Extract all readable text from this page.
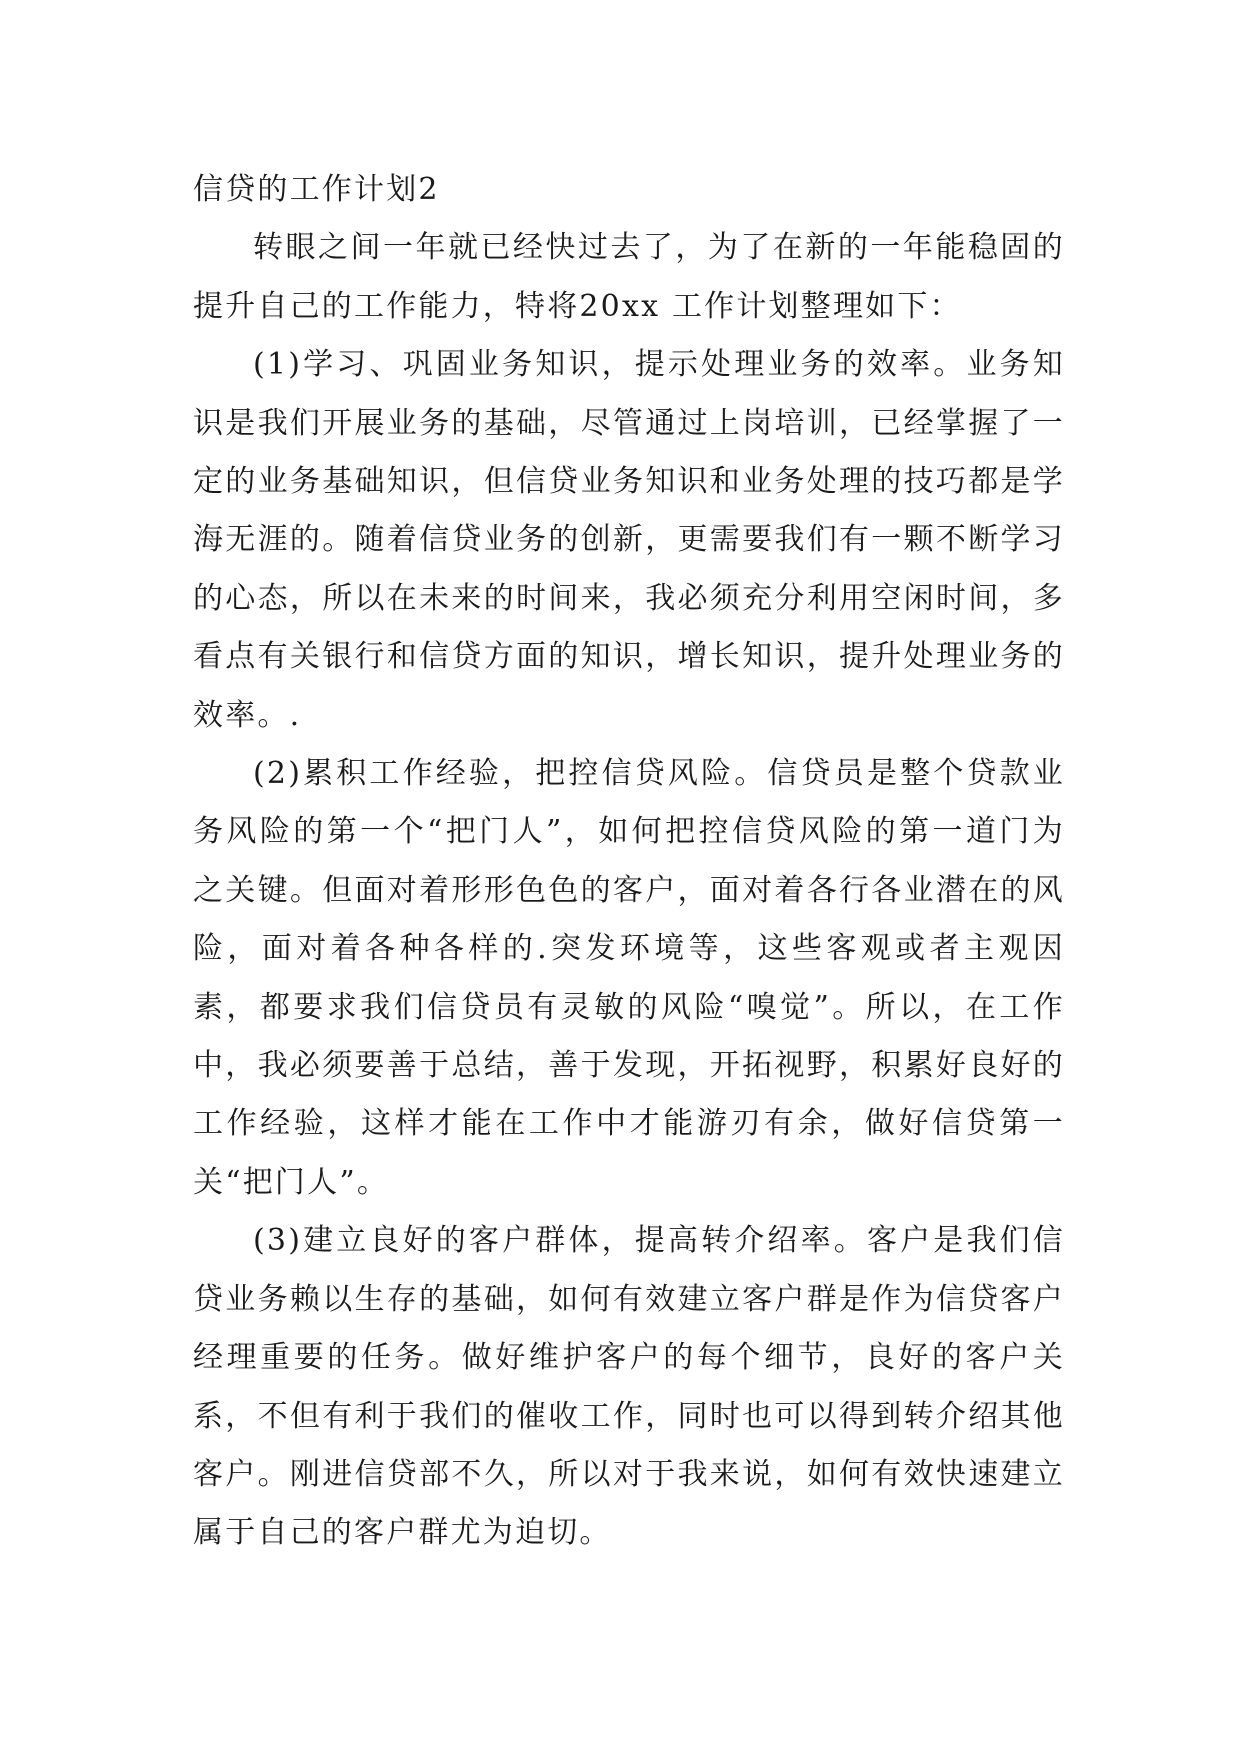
信贷的工作计划2

转眼之间一年就已经快过去了，为了在新的一年能稳固的提升自己的工作能力，特将20xx 工作计划整理如下：

(1)学习、巩固业务知识，提示处理业务的效率。业务知识是我们开展业务的基础，尽管通过上岗培训，已经掌握了一定的业务基础知识，但信贷业务知识和业务处理的技巧都是学海无涯的。随着信贷业务的创新，更需要我们有一颗不断学习的心态，所以在未来的时间来，我必须充分利用空闲时间，多看点有关银行和信贷方面的知识，增长知识，提升处理业务的效率。.

(2)累积工作经验，把控信贷风险。信贷员是整个贷款业务风险的第一个“把门人”，如何把控信贷风险的第一道门为之关键。但面对着形形色色的客户，面对着各行各业潜在的风险，面对着各种各样的.突发环境等，这些客观或者主观因素，都要求我们信贷员有灵敏的风险“嗅觉”。所以，在工作中，我必须要善于总结，善于发现，开拓视野，积累好良好的工作经验，这样才能在工作中才能游刃有余，做好信贷第一关“把门人”。

(3)建立良好的客户群体，提高转介绍率。客户是我们信贷业务赖以生存的基础，如何有效建立客户群是作为信贷客户经理重要的任务。做好维护客户的每个细节，良好的客户关系，不但有利于我们的催收工作，同时也可以得到转介绍其他客户。刚进信贷部不久，所以对于我来说，如何有效快速建立属于自己的客户群尤为迫切。
